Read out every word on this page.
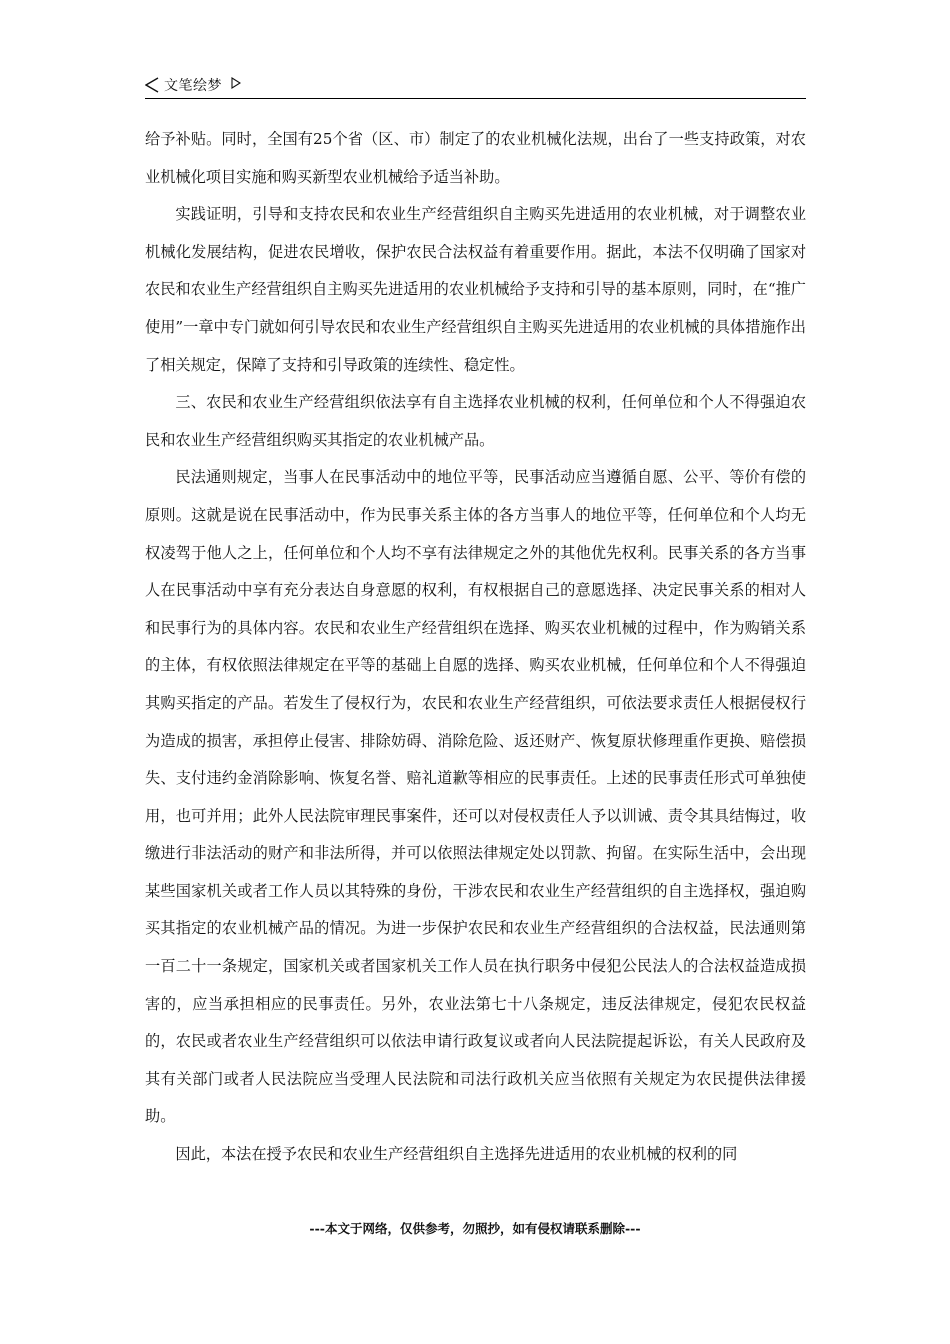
文笔绘梦

给予补贴。同时，全国有25个省（区、市）制定了的农业机械化法规，出台了一些支持政策，对农业机械化项目实施和购买新型农业机械给予适当补助。

实践证明，引导和支持农民和农业生产经营组织自主购买先进适用的农业机械，对于调整农业机械化发展结构，促进农民增收，保护农民合法权益有着重要作用。据此，本法不仅明确了国家对农民和农业生产经营组织自主购买先进适用的农业机械给予支持和引导的基本原则，同时，在“推广使用”一章中专门就如何引导农民和农业生产经营组织自主购买先进适用的农业机械的具体措施作出了相关规定，保障了支持和引导政策的连续性、稳定性。

三、农民和农业生产经营组织依法享有自主选择农业机械的权利，任何单位和个人不得强迫农民和农业生产经营组织购买其指定的农业机械产品。

民法通则规定，当事人在民事活动中的地位平等，民事活动应当遵循自愿、公平、等价有偿的原则。这就是说在民事活动中，作为民事关系主体的各方当事人的地位平等，任何单位和个人均无权凌驾于他人之上，任何单位和个人均不享有法律规定之外的其他优先权利。民事关系的各方当事人在民事活动中享有充分表达自身意愿的权利，有权根据自己的意愿选择、决定民事关系的相对人和民事行为的具体内容。农民和农业生产经营组织在选择、购买农业机械的过程中，作为购销关系的主体，有权依照法律规定在平等的基础上自愿的选择、购买农业机械，任何单位和个人不得强迫其购买指定的产品。若发生了侵权行为，农民和农业生产经营组织，可依法要求责任人根据侵权行为造成的损害，承担停止侵害、排除妨碍、消除危险、返还财产、恢复原状修理重作更换、赔偿损失、支付违约金消除影响、恢复名誉、赔礼道歉等相应的民事责任。上述的民事责任形式可单独使用，也可并用；此外人民法院审理民事案件，还可以对侵权责任人予以训诫、责令其具结悔过，收缴进行非法活动的财产和非法所得，并可以依照法律规定处以罚款、拘留。在实际生活中，会出现某些国家机关或者工作人员以其特殊的身份，干涉农民和农业生产经营组织的自主选择权，强迫购买其指定的农业机械产品的情况。为进一步保护农民和农业生产经营组织的合法权益，民法通则第一百二十一条规定，国家机关或者国家机关工作人员在执行职务中侵犯公民法人的合法权益造成损害的，应当承担相应的民事责任。另外，农业法第七十八条规定，违反法律规定，侵犯农民权益的，农民或者农业生产经营组织可以依法申请行政复议或者向人民法院提起诉讼，有关人民政府及其有关部门或者人民法院应当受理人民法院和司法行政机关应当依照有关规定为农民提供法律援助。

因此，本法在授予农民和农业生产经营组织自主选择先进适用的农业机械的权利的同

---本文于网络，仅供参考，勿照抄，如有侵权请联系删除---
